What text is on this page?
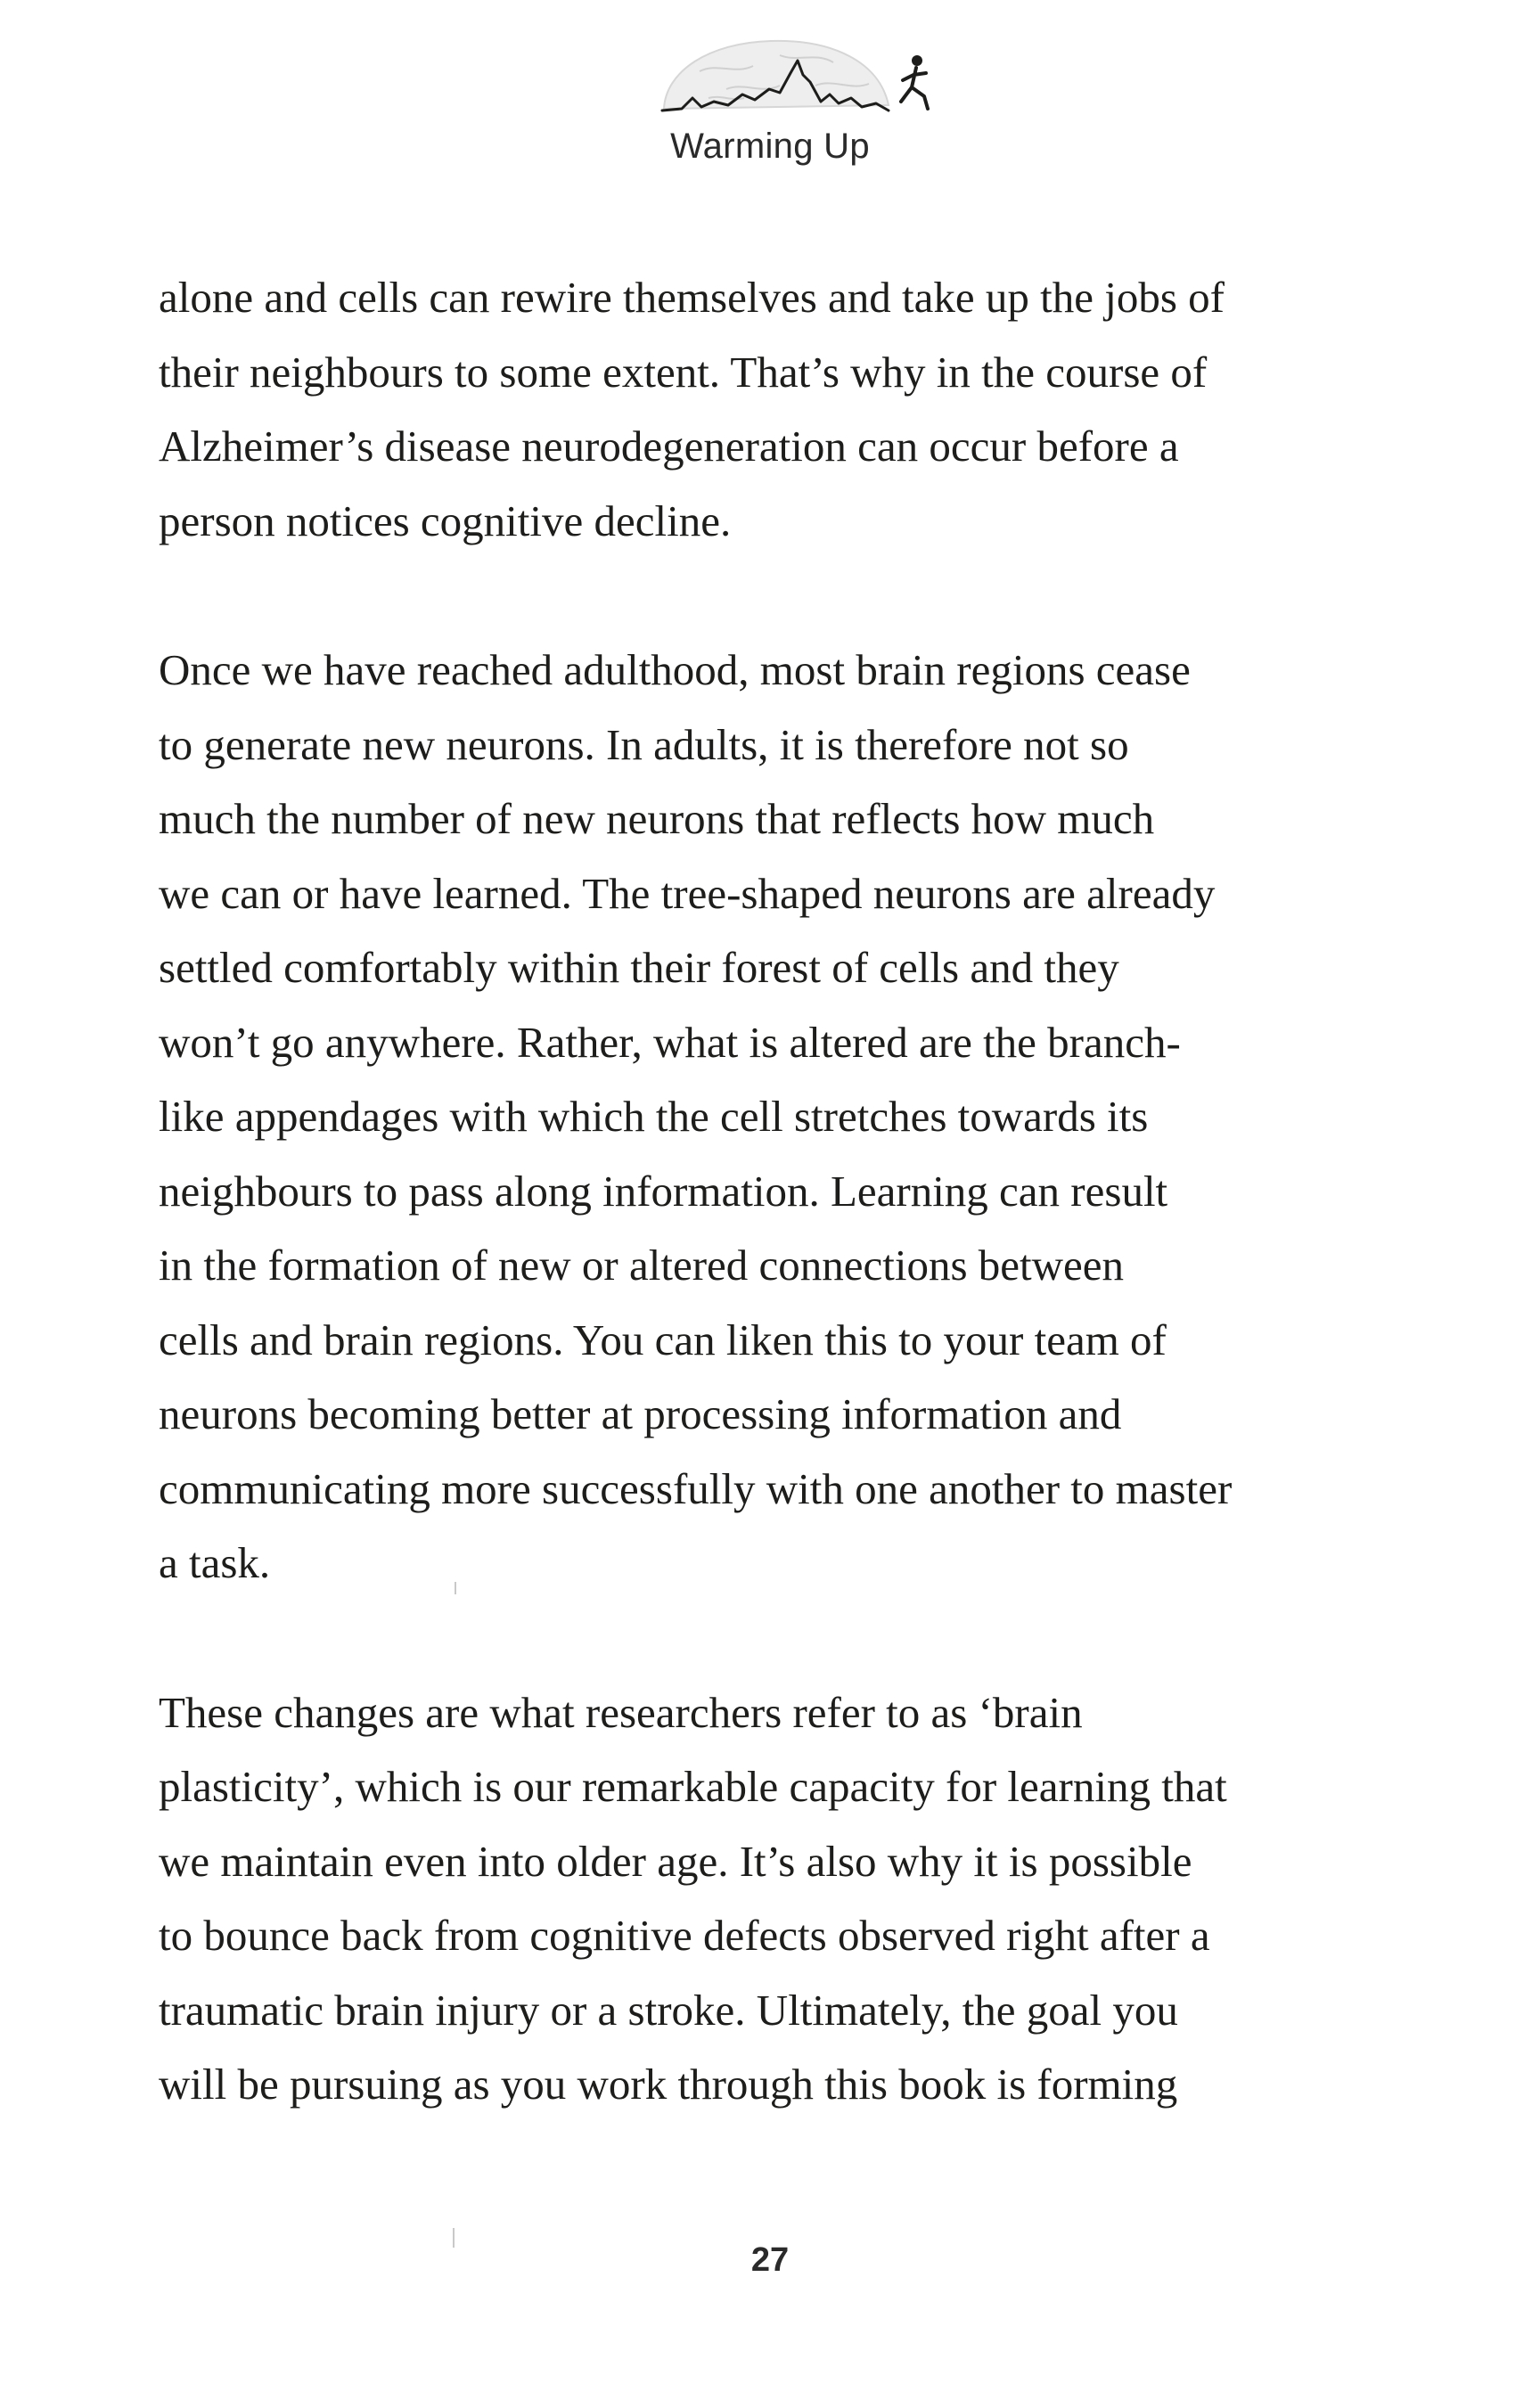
Warming Up

alone and cells can rewire themselves and take up the jobs of
their neighbours to some extent. That’s why in the course of
Alzheimer’s disease neurodegeneration can occur before a
person notices cognitive decline.

Once we have reached adulthood, most brain regions cease
to generate new neurons. In adults, it is therefore not so
much the number of new neurons that reflects how much
we can or have learned. The tree-shaped neurons are already
settled comfortably within their forest of cells and they
won’t go anywhere. Rather, what is altered are the branch-
like appendages with which the cell stretches towards its
neighbours to pass along information. Learning can result
in the formation of new or altered connections between
cells and brain regions. You can liken this to your team of
neurons becoming better at processing information and
communicating more successfully with one another to master
a task.

These changes are what researchers refer to as ‘brain
plasticity’, which is our remarkable capacity for learning that
we maintain even into older age. It’s also why it is possible
to bounce back from cognitive defects observed right after a
traumatic brain injury or a stroke. Ultimately, the goal you
will be pursuing as you work through this book is forming

27
